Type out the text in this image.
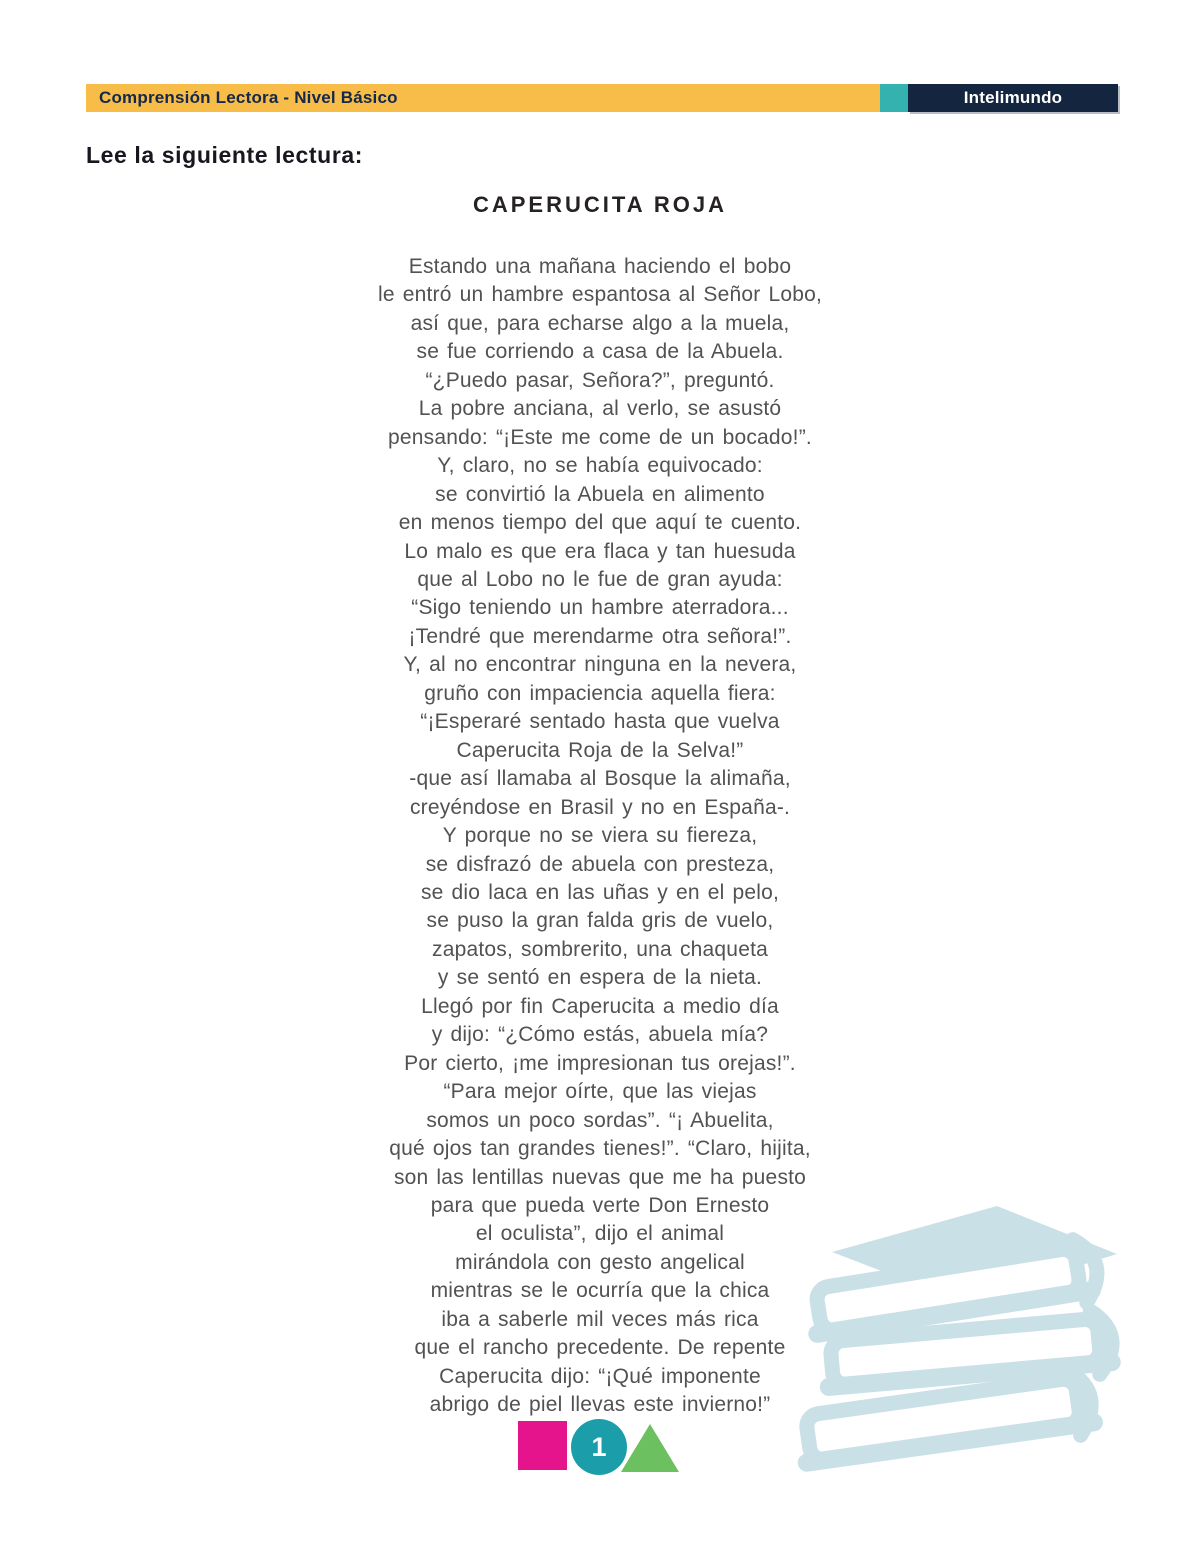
Comprensión Lectora - Nivel Básico	Intelimundo
Lee la siguiente lectura:
CAPERUCITA ROJA
Estando una mañana haciendo el bobo
le entró un hambre espantosa al Señor Lobo,
así que, para echarse algo a la muela,
se fue corriendo a casa de la Abuela.
“¿Puedo pasar, Señora?”, preguntó.
La pobre anciana, al verlo, se asustó
pensando: “¡Este me come de un bocado!”.
Y, claro, no se había equivocado:
se convirtió la Abuela en alimento
en menos tiempo del que aquí te cuento.
Lo malo es que era flaca y tan huesuda
que al Lobo no le fue de gran ayuda:
“Sigo teniendo un hambre aterradora...
¡Tendré que merendarme otra señora!”.
Y, al no encontrar ninguna en la nevera,
gruño con impaciencia aquella fiera:
“¡Esperaré sentado hasta que vuelva
Caperucita Roja de la Selva!”
-que así llamaba al Bosque la alimaña,
creyéndose en Brasil y no en España-.
Y porque no se viera su fiereza,
se disfrazó de abuela con presteza,
se dio laca en las uñas y en el pelo,
se puso la gran falda gris de vuelo,
zapatos, sombrerito, una chaqueta
y se sentó en espera de la nieta.
Llegó por fin Caperucita a medio día
y dijo: “¿Cómo estás, abuela mía?
Por cierto, ¡me impresionan tus orejas!”.
“Para mejor oírte, que las viejas
somos un poco sordas”. “¡ Abuelita,
qué ojos tan grandes tienes!”. “Claro, hijita,
son las lentillas nuevas que me ha puesto
para que pueda verte Don Ernesto
el oculista”, dijo el animal
mirándola con gesto angelical
mientras se le ocurría que la chica
iba a saberle mil veces más rica
que el rancho precedente. De repente
Caperucita dijo: “¡Qué imponente
abrigo de piel llevas este invierno!”
1
